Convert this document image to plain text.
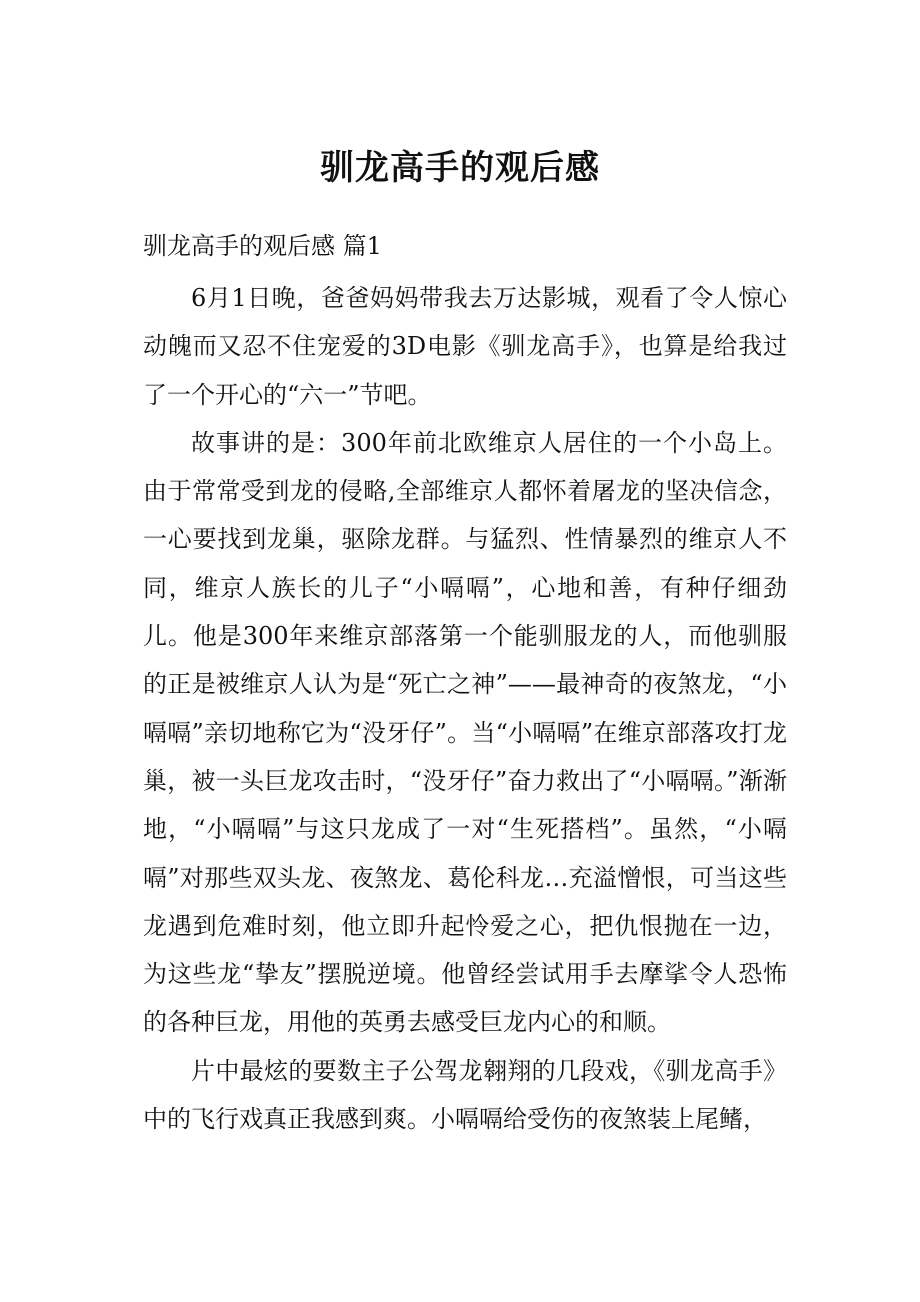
驯龙高手的观后感
驯龙高手的观后感 篇1

6月1日晚，爸爸妈妈带我去万达影城，观看了令人惊心动魄而又忍不住宠爱的3D电影《驯龙高手》，也算是给我过了一个开心的“六一”节吧。

故事讲的是：300年前北欧维京人居住的一个小岛上。由于常常受到龙的侵略,全部维京人都怀着屠龙的坚决信念，一心要找到龙巢，驱除龙群。与猛烈、性情暴烈的维京人不同，维京人族长的儿子“小嗝嗝”，心地和善，有种仔细劲儿。他是300年来维京部落第一个能驯服龙的人，而他驯服的正是被维京人认为是“死亡之神”——最神奇的夜煞龙，“小嗝嗝”亲切地称它为“没牙仔”。当“小嗝嗝”在维京部落攻打龙巢，被一头巨龙攻击时，“没牙仔”奋力救出了“小嗝嗝。”渐渐地，“小嗝嗝”与这只龙成了一对“生死搭档”。虽然，“小嗝嗝”对那些双头龙、夜煞龙、葛伦科龙…充溢憎恨，可当这些龙遇到危难时刻，他立即升起怜爱之心，把仇恨抛在一边，为这些龙“挚友”摆脱逆境。他曾经尝试用手去摩挲令人恐怖的各种巨龙，用他的英勇去感受巨龙内心的和顺。

片中最炫的要数主子公驾龙翱翔的几段戏，《驯龙高手》中的飞行戏真正我感到爽。小嗝嗝给受伤的夜煞装上尾鳍，
